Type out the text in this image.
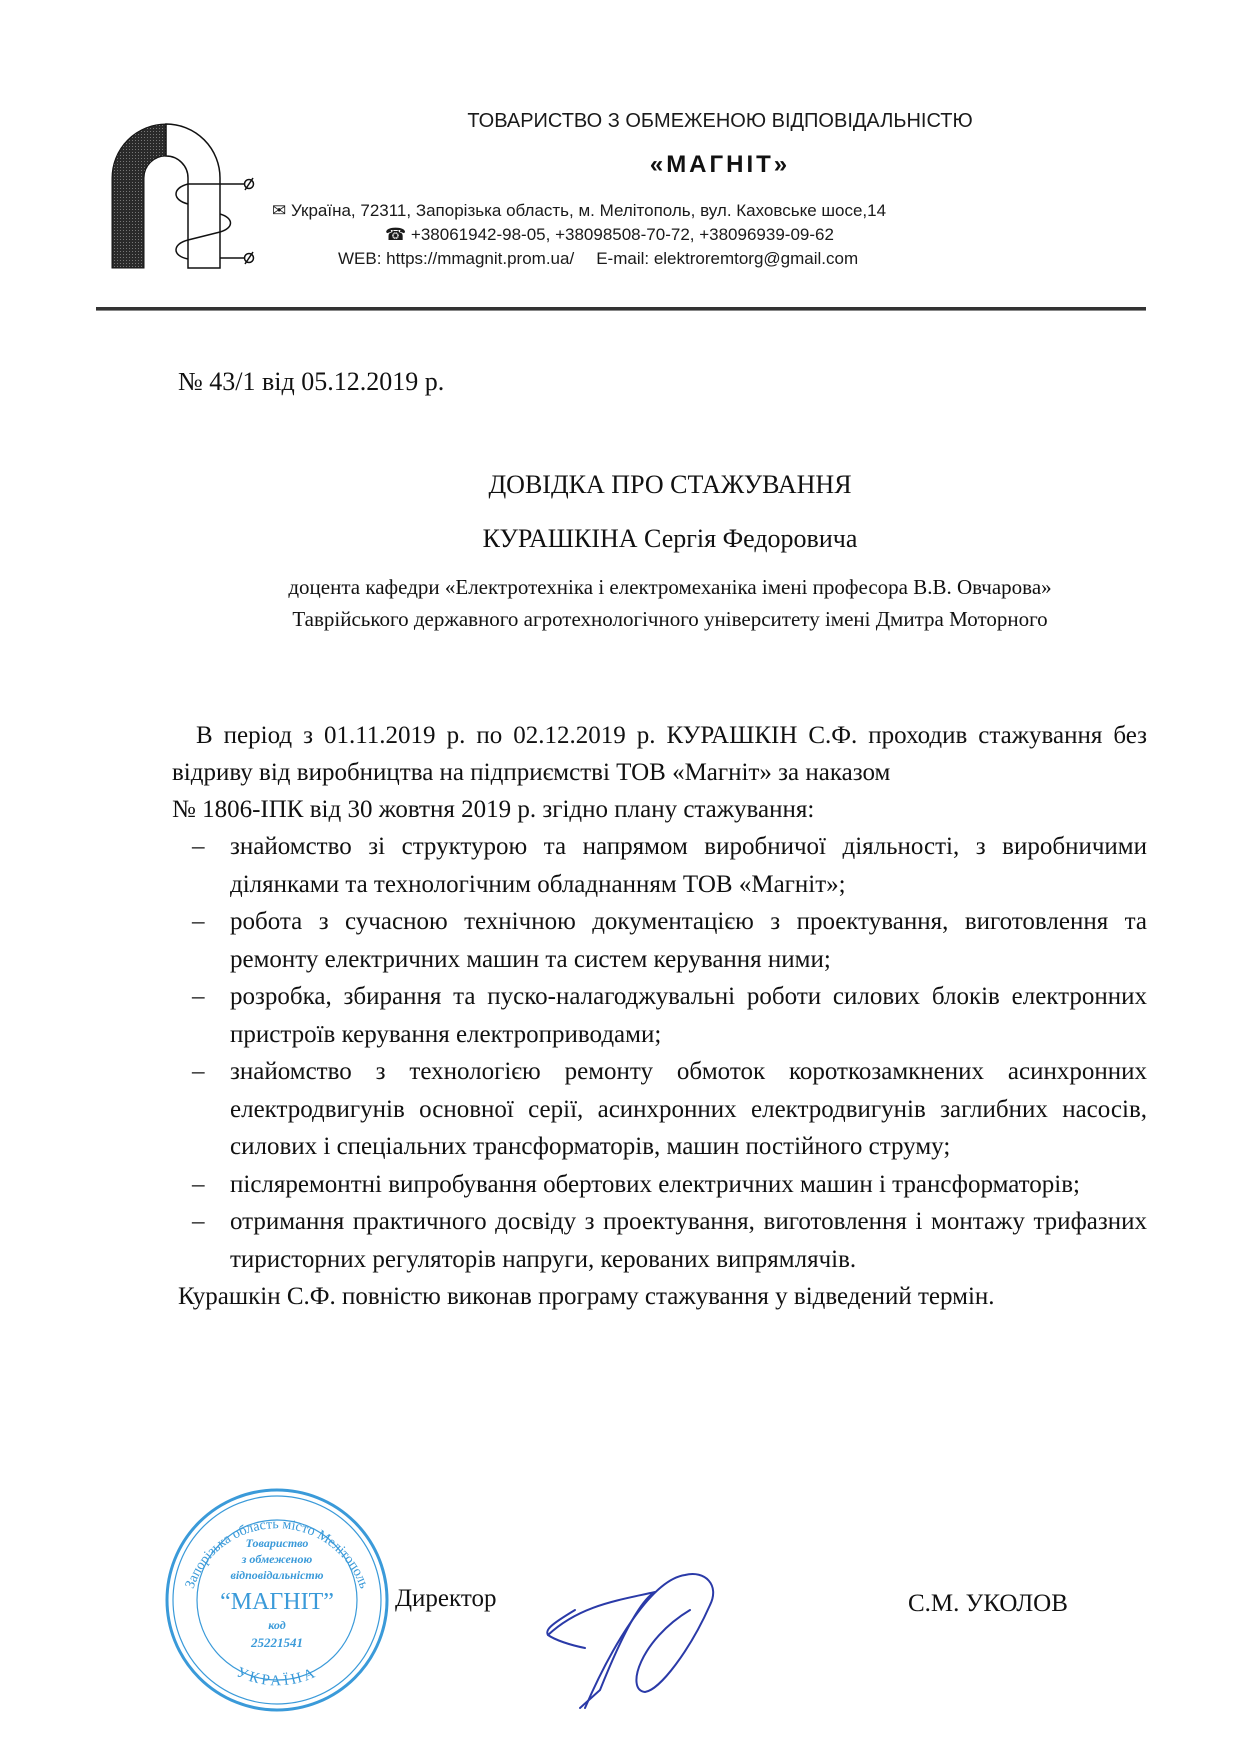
ТОВАРИСТВО З ОБМЕЖЕНОЮ ВІДПОВІДАЛЬНІСТЮ
«МАГНІТ»
✉ Україна, 72311, Запорізька область, м. Мелітополь, вул. Каховське шосе,14
☎ +38061942-98-05, +38098508-70-72, +38096939-09-62
WEB: https://mmagnit.prom.ua/ E-mail: elektroremtorg@gmail.com
№ 43/1 від 05.12.2019 р.
ДОВІДКА ПРО СТАЖУВАННЯ
КУРАШКІНА Сергія Федоровича
доцента кафедри «Електротехніка і електромеханіка імені професора В.В. Овчарова»
Таврійського державного агротехнологічного університету імені Дмитра Моторного

В період з 01.11.2019 р. по 02.12.2019 р. КУРАШКІН С.Ф. проходив стажування без відриву від виробництва на підприємстві ТОВ «Магніт» за наказом

№ 1806-ІПК від 30 жовтня 2019 р. згідно плану стажування:

– знайомство зі структурою та напрямом виробничої діяльності, з виробничими ділянками та технологічним обладнанням ТОВ «Магніт»;
– робота з сучасною технічною документацією з проектування, виготовлення та ремонту електричних машин та систем керування ними;
– розробка, збирання та пуско-налагоджувальні роботи силових блоків електронних пристроїв керування електроприводами;
– знайомство з технологією ремонту обмоток короткозамкнених асинхронних електродвигунів основної серії, асинхронних електродвигунів заглибних насосів, силових і спеціальних трансформаторів, машин постійного струму;
– післяремонтні випробування обертових електричних машин і трансформаторів;
– отримання практичного досвіду з проектування, виготовлення і монтажу трифазних тиристорних регуляторів напруги, керованих випрямлячів.

Курашкін С.Ф. повністю виконав програму стажування у відведений термін.

Запорізька область місто Мелітополь
УКРАЇНА
Товариство
з обмеженою
відповідальністю
“МАГНІТ”
код
25221541
Директор	С.М. УКОЛОВ
